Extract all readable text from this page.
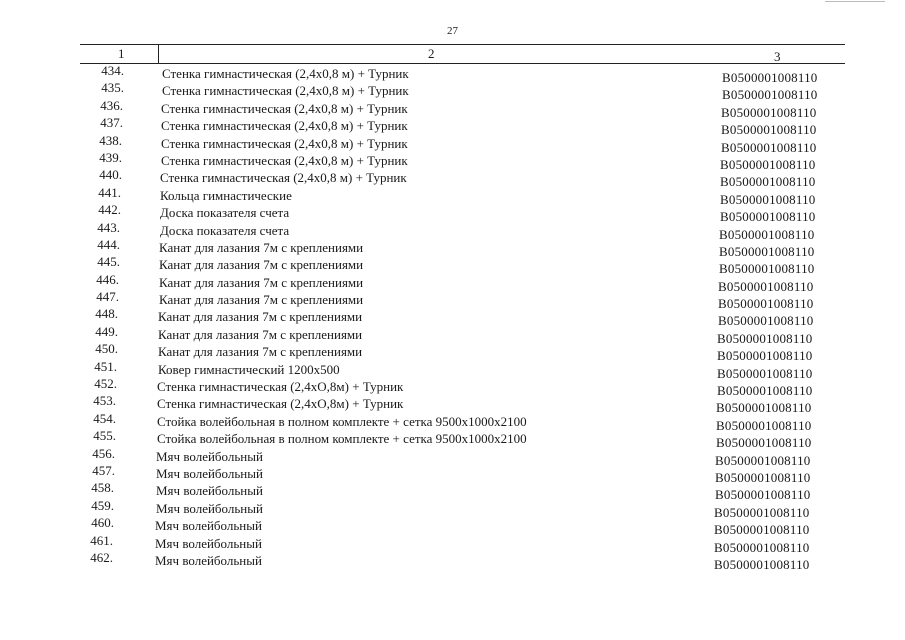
27
1	2	3
434.	Стенка гимнастическая (2,4х0,8 м) + Турник	B0500001008110
435.	Стенка гимнастическая (2,4х0,8 м) + Турник	B0500001008110
436.	Стенка гимнастическая (2,4х0,8 м) + Турник	B0500001008110
437.	Стенка гимнастическая (2,4х0,8 м) + Турник	B0500001008110
438.	Стенка гимнастическая (2,4х0,8 м) + Турник	B0500001008110
439.	Стенка гимнастическая (2,4х0,8 м) + Турник	B0500001008110
440.	Стенка гимнастическая (2,4х0,8 м) + Турник	B0500001008110
441.	Кольца гимнастические	B0500001008110
442.	Доска показателя счета	B0500001008110
443.	Доска показателя счета	B0500001008110
444.	Канат для лазания 7м с креплениями	B0500001008110
445.	Канат для лазания 7м с креплениями	B0500001008110
446.	Канат для лазания 7м с креплениями	B0500001008110
447.	Канат для лазания 7м с креплениями	B0500001008110
448.	Канат для лазания 7м с креплениями	B0500001008110
449.	Канат для лазания 7м с креплениями	B0500001008110
450.	Канат для лазания 7м с креплениями	B0500001008110
451.	Ковер гимнастический 1200х500	B0500001008110
452.	Стенка гимнастическая (2,4хО,8м) + Турник	B0500001008110
453.	Стенка гимнастическая (2,4хО,8м) + Турник	B0500001008110
454.	Стойка волейбольная в полном комплекте + сетка 9500х1000х2100	B0500001008110
455.	Стойка волейбольная в полном комплекте + сетка 9500х1000х2100	B0500001008110
456.	Мяч волейбольный	B0500001008110
457.	Мяч волейбольный	B0500001008110
458.	Мяч волейбольный	B0500001008110
459.	Мяч волейбольный	B0500001008110
460.	Мяч волейбольный	B0500001008110
461.	Мяч волейбольный	B0500001008110
462.	Мяч волейбольный	B0500001008110
